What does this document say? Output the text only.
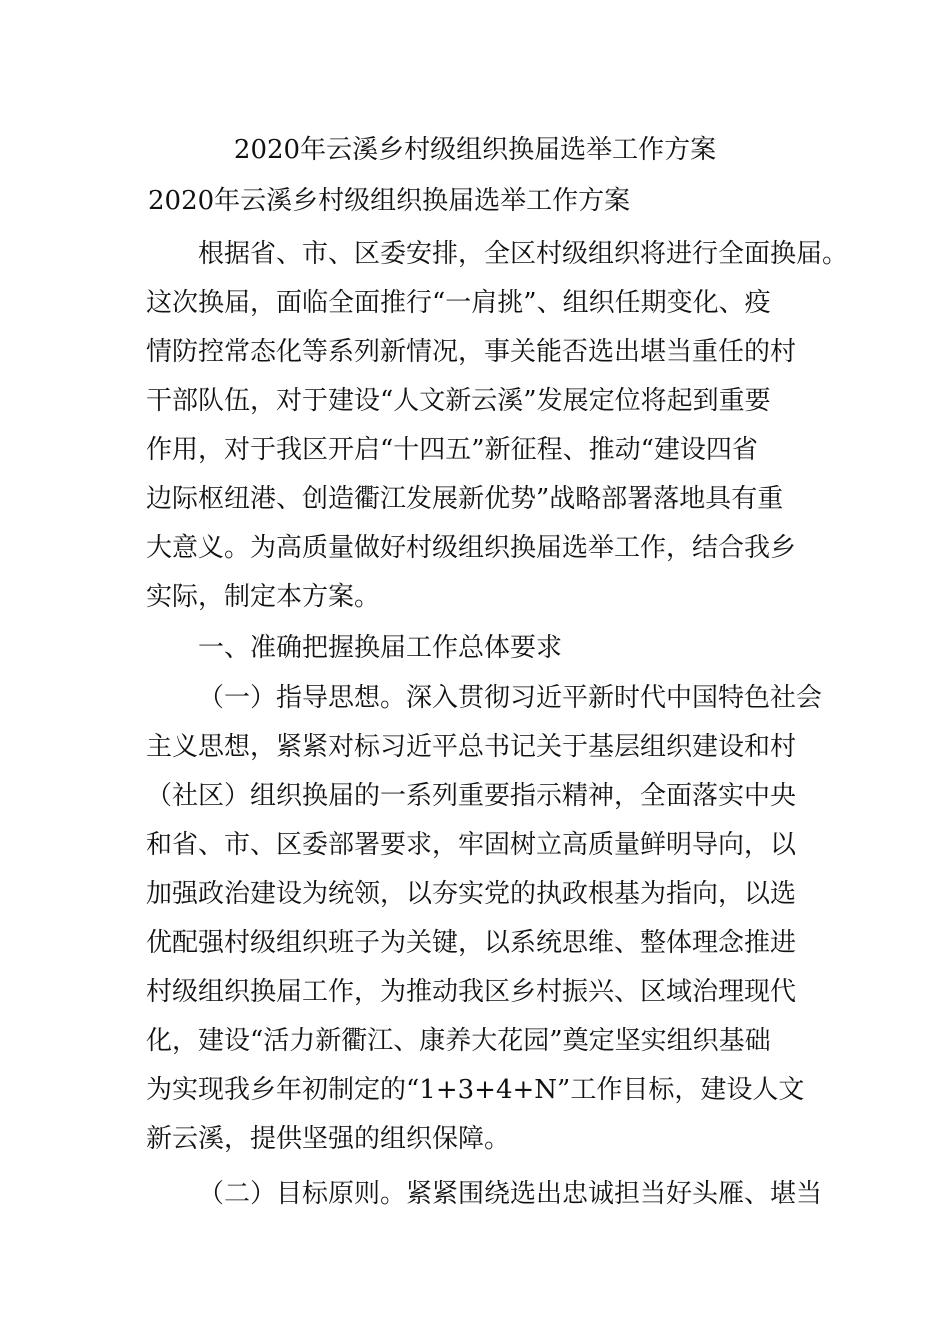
2020年云溪乡村级组织换届选举工作方案
2020年云溪乡村级组织换届选举工作方案
根据省、市、区委安排，全区村级组织将进行全面换届。
这次换届，面临全面推行“一肩挑”、组织任期变化、疫
情防控常态化等系列新情况，事关能否选出堪当重任的村
干部队伍，对于建设“人文新云溪”发展定位将起到重要
作用，对于我区开启“十四五”新征程、推动“建设四省
边际枢纽港、创造衢江发展新优势”战略部署落地具有重
大意义。为高质量做好村级组织换届选举工作，结合我乡
实际，制定本方案。
一、准确把握换届工作总体要求
（一）指导思想。深入贯彻习近平新时代中国特色社会
主义思想，紧紧对标习近平总书记关于基层组织建设和村
（社区）组织换届的一系列重要指示精神，全面落实中央
和省、市、区委部署要求，牢固树立高质量鲜明导向，以
加强政治建设为统领，以夯实党的执政根基为指向，以选
优配强村级组织班子为关键，以系统思维、整体理念推进
村级组织换届工作，为推动我区乡村振兴、区域治理现代
化，建设“活力新衢江、康养大花园”奠定坚实组织基础
为实现我乡年初制定的“1+3+4+N”工作目标，建设人文
新云溪，提供坚强的组织保障。
（二）目标原则。紧紧围绕选出忠诚担当好头雁、堪当
